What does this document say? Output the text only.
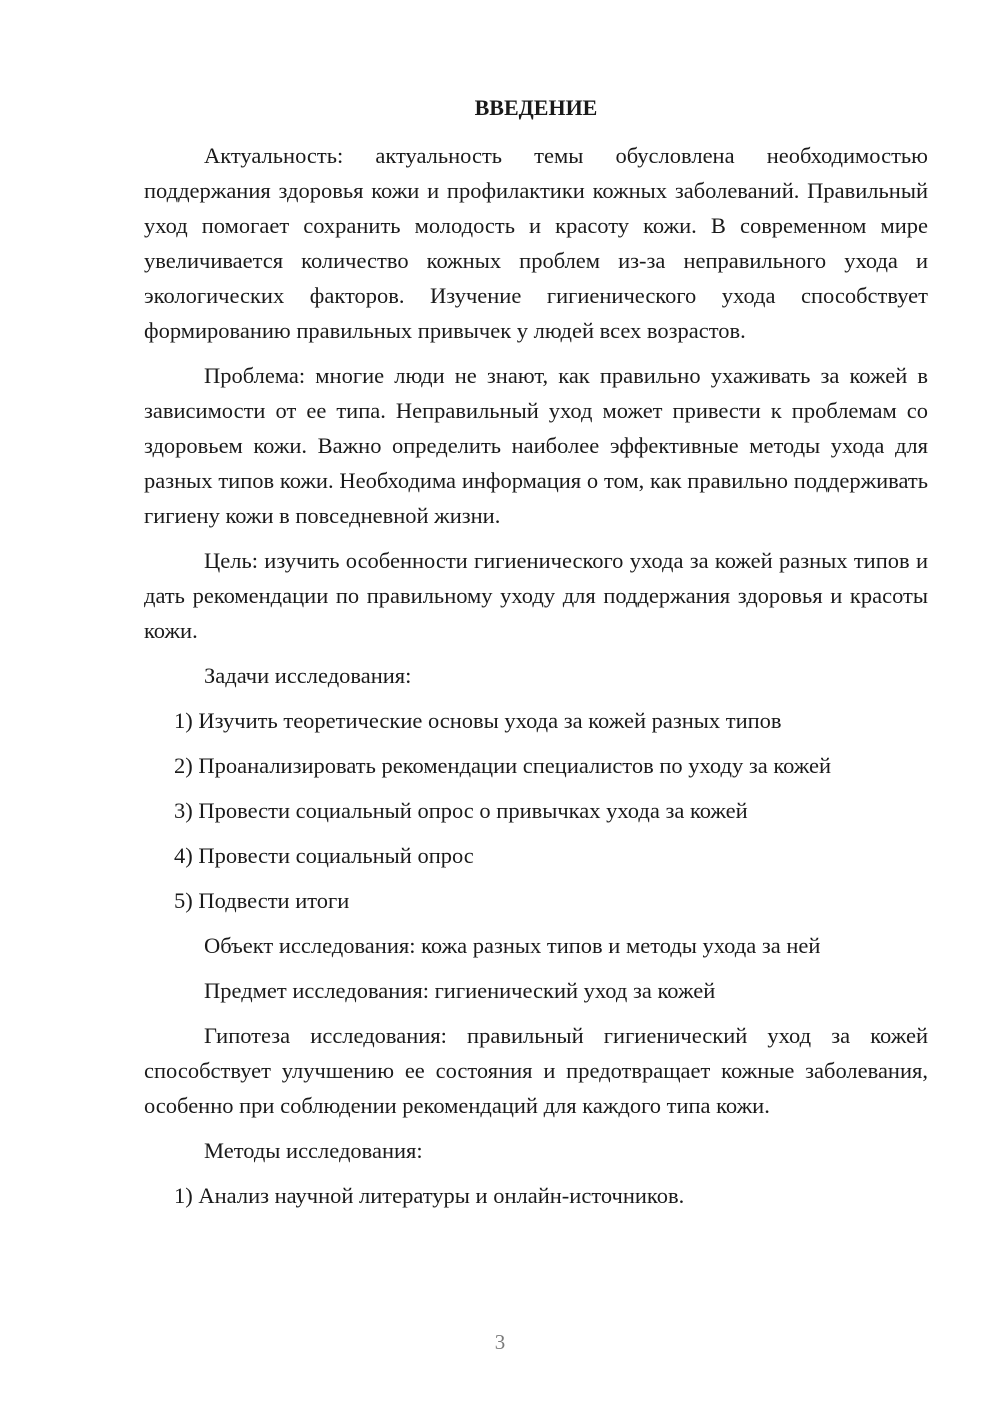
ВВЕДЕНИЕ

Актуальность: актуальность темы обусловлена необходимостью поддержания здоровья кожи и профилактики кожных заболеваний. Правильный уход помогает сохранить молодость и красоту кожи. В современном мире увеличивается количество кожных проблем из-за неправильного ухода и экологических факторов. Изучение гигиенического ухода способствует формированию правильных привычек у людей всех возрастов.

Проблема: многие люди не знают, как правильно ухаживать за кожей в зависимости от ее типа. Неправильный уход может привести к проблемам со здоровьем кожи. Важно определить наиболее эффективные методы ухода для разных типов кожи. Необходима информация о том, как правильно поддерживать гигиену кожи в повседневной жизни.

Цель: изучить особенности гигиенического ухода за кожей разных типов и дать рекомендации по правильному уходу для поддержания здоровья и красоты кожи.

Задачи исследования:

1) Изучить теоретические основы ухода за кожей разных типов
2) Проанализировать рекомендации специалистов по уходу за кожей
3) Провести социальный опрос о привычках ухода за кожей
4) Провести социальный опрос
5) Подвести итоги

Объект исследования: кожа разных типов и методы ухода за ней

Предмет исследования: гигиенический уход за кожей

Гипотеза исследования: правильный гигиенический уход за кожей способствует улучшению ее состояния и предотвращает кожные заболевания, особенно при соблюдении рекомендаций для каждого типа кожи.

Методы исследования:

1) Анализ научной литературы и онлайн-источников.
3
